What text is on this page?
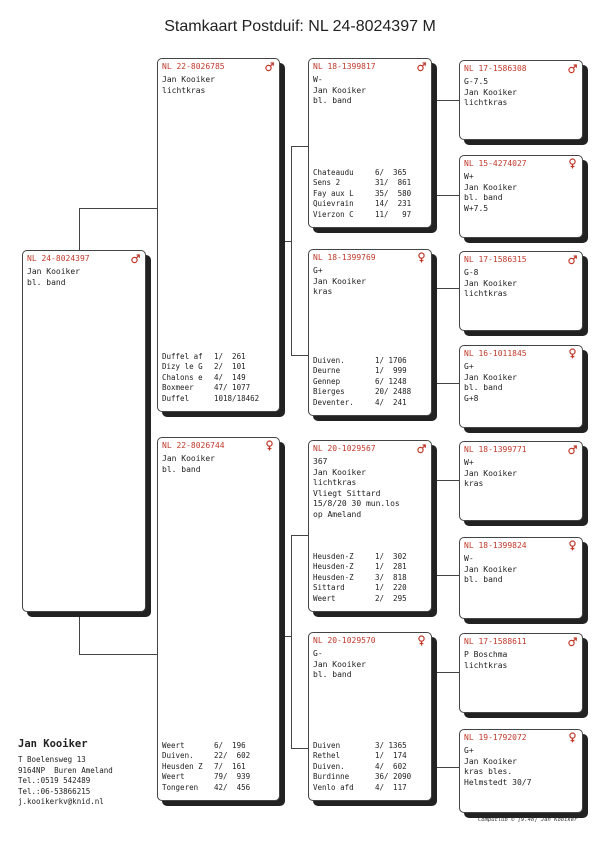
Stamkaart Postduif: NL 24-8024397 M
NL 24-8024397
Jan Kooiker
bl. band
NL 22-8026785
Jan Kooiker
lichtkras
Duffel af	1/  261
Dizy le G	2/  101
Chalons e	4/  149
Boxmeer	47/ 1077
Duffel	1018/18462
NL 22-8026744
Jan Kooiker
bl. band
Weert	6/  196
Duiven.	22/  602
Heusden Z	7/  161
Weert	79/  939
Tongeren	42/  456
NL 18-1399817
W-
Jan Kooiker
bl. band
Chateaudu	6/  365
Sens 2	31/  861
Fay aux L	35/  580
Quievrain	14/  231
Vierzon C	11/   97
NL 18-1399769
G+
Jan Kooiker
kras
Duiven.	1/ 1706
Deurne	1/  999
Gennep	6/ 1248
Bierges	20/ 2488
Deventer.	4/  241
NL 20-1029567
367
Jan Kooiker
lichtkras
Vliegt Sittard
15/8/20 30 mun.los
op Ameland
Heusden-Z	1/  302
Heusden-Z	1/  281
Heusden-Z	3/  818
Sittard	1/  220
Weert	2/  295
NL 20-1029570
G-
Jan Kooiker
bl. band
Duiven	3/ 1365
Rethel	1/  174
Duiven.	4/  602
Burdinne	36/ 2090
Venlo afd	4/  117
NL 17-1586308
G-7.5
Jan Kooiker
lichtkras
NL 15-4274027
W+
Jan Kooiker
bl. band
W+7.5
NL 17-1586315
G-8
Jan Kooiker
lichtkras
NL 16-1011845
G+
Jan Kooiker
bl. band
G+8
NL 18-1399771
W+
Jan Kooiker
kras
NL 18-1399824
W-
Jan Kooiker
bl. band
NL 17-1588611
P Boschma
lichtkras
NL 19-1792072
G+
Jan Kooiker
kras bles.
Helmstedt 30/7
Jan Kooiker
T Boelensweg 13
9164NP  Buren Ameland
Tel.:0519 542489
Tel.:06-53866215
j.kooikerkv@knid.nl
Compuclub © [9.48] Jan Kooiker
